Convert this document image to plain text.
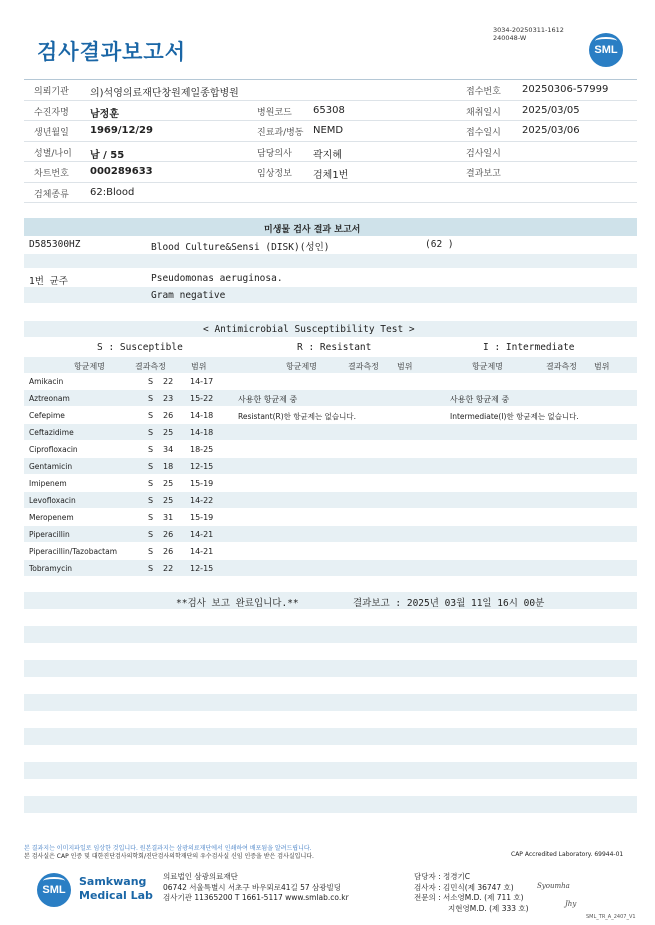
3034-20250311-1612
240048-W
검사결과보고서	SML
의뢰기관 의)석영의료재단창원제일종합병원	접수번호 20250306-57999
수진자명 남정훈	병원코드 65308	채취일시 2025/03/05
생년월일 1969/12/29	진료과/병동 NEMD	접수일시 2025/03/06
성별/나이 남 / 55	담당의사 곽지혜	검사일시
차트번호 000289633	임상정보 검체1번	결과보고
검체종류 62:Blood
미생물 검사 결과 보고서
D585300HZ	Blood Culture&Sensi (DISK)(성인)	(62 )
1번 균주	Pseudomonas aeruginosa.
Gram negative
< Antimicrobial Susceptibility Test >
S : Susceptible	R : Resistant	I : Intermediate
항균제명	결과측정	범위	항균제명	결과측정 범위	항균제명	결과측정 범위
Amikacin	S 22 14-17
Aztreonam	S 23 15-22
Cefepime	S 26 14-18
Ceftazidime	S 25 14-18
Ciprofloxacin	S 34 18-25
Gentamicin	S 18 12-15
Imipenem	S 25 15-19
Levofloxacin	S 25 14-22
Meropenem	S 31 15-19
Piperacillin	S 26 14-21
Piperacillin/Tazobactam	S 26 14-21
Tobramycin	S 22 12-15
사용한 항균제 중
Resistant(R)한 항균제는 없습니다.
사용한 항균제 중
Intermediate(I)한 항균제는 없습니다.
**검사 보고 완료입니다.**	결과보고 : 2025년 03월 11일 16시 00분
본 결과지는 이미지파일로 임상한 것입니다. 원본결과지는 삼광의료재단에서 인쇄하여 배포됨을 알려드립니다.
본 검사실은 CAP 인증 및 대한진단검사의학회/진단검사의학재단의 우수검사실 신임 인증을 받은 검사실입니다.	CAP Accredited Laboratory. 69944-01
SML
Samkwang
Medical Lab
의료법인 삼광의료재단
06742 서울특별시 서초구 바우뫼로41길 57 삼광빌딩
검사기관 11365200 T 1661-5117 www.smlab.co.kr
담당자 : 정경기C
검사자 : 김민식(제 36747 호)
전문의 : 서소영M.D. (제 711 호)
지현영M.D. (제 333 호)
Syoumha
Jhy
SML_TR_A_2407_V1
